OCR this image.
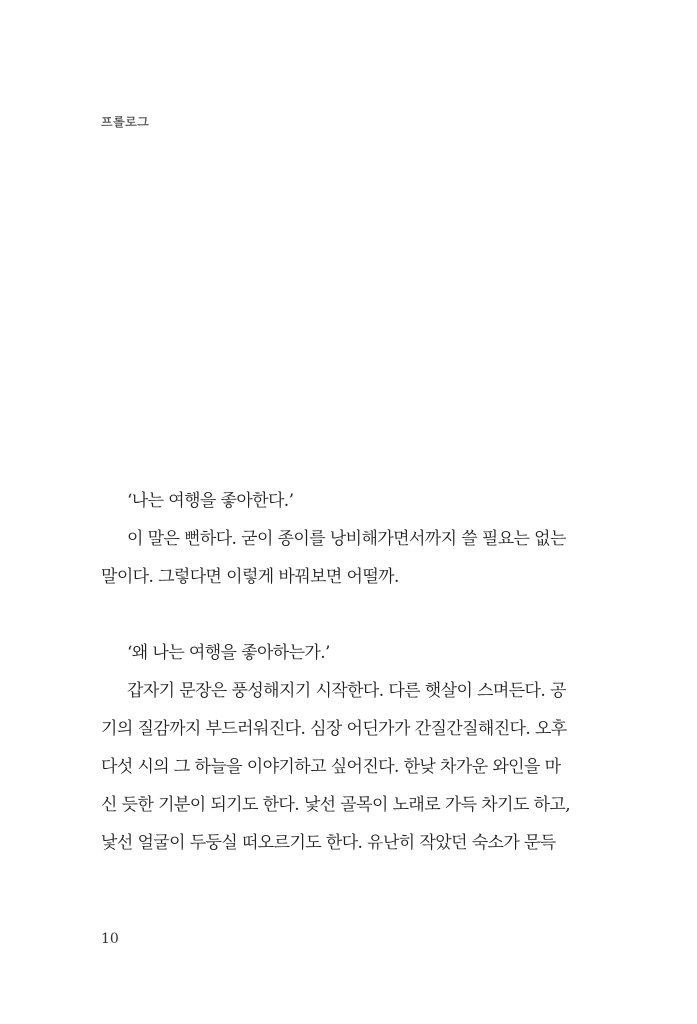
프롤로그
‘나는 여행을 좋아한다.’
이 말은 뻔하다. 굳이 종이를 낭비해가면서까지 쓸 필요는 없는
말이다. 그렇다면 이렇게 바꿔보면 어떨까.
‘왜 나는 여행을 좋아하는가.’
갑자기 문장은 풍성해지기 시작한다. 다른 햇살이 스며든다. 공
기의 질감까지 부드러워진다. 심장 어딘가가 간질간질해진다. 오후
다섯 시의 그 하늘을 이야기하고 싶어진다. 한낮 차가운 와인을 마
신 듯한 기분이 되기도 한다. 낯선 골목이 노래로 가득 차기도 하고,
낯선 얼굴이 두둥실 떠오르기도 한다. 유난히 작았던 숙소가 문득
10
